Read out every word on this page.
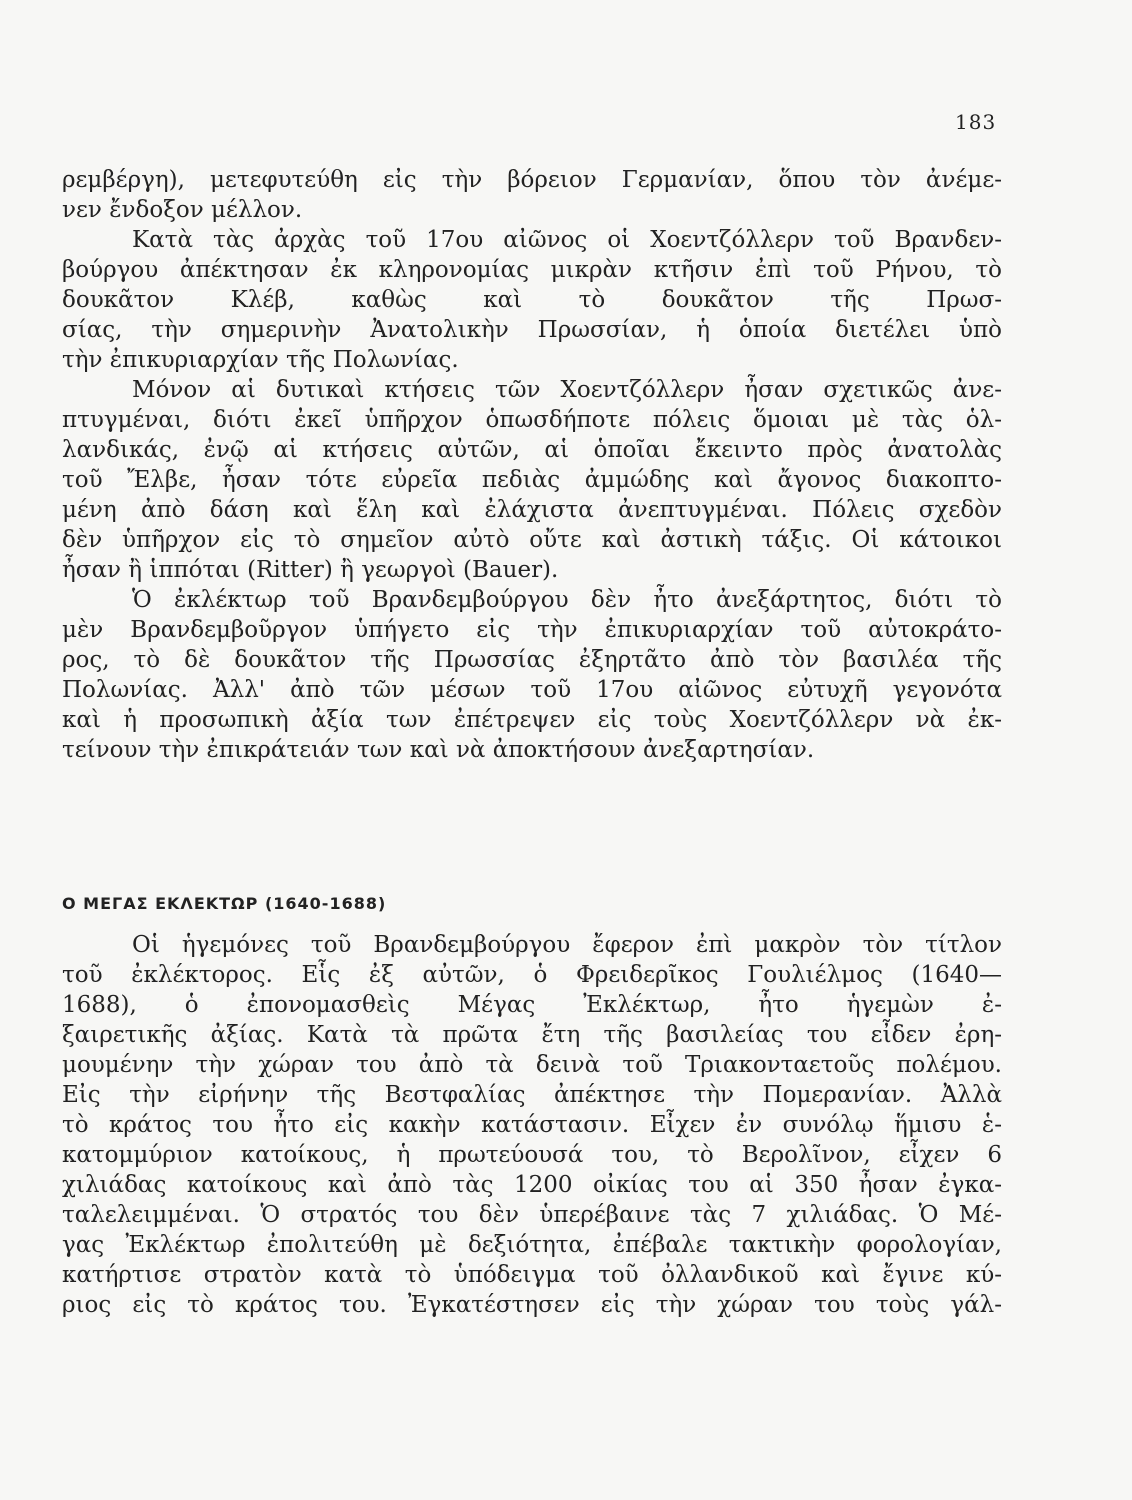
183
ρεμβέργη), μετεφυτεύθη εἰς τὴν βόρειον Γερμανίαν, ὅπου τὸν ἀνέμε-
νεν ἔνδοξον μέλλον.
Κατὰ τὰς ἀρχὰς τοῦ 17ου αἰῶνος οἱ Χοεντζόλλερν τοῦ Βρανδεν-
βούργου ἀπέκτησαν ἐκ κληρονομίας μικρὰν κτῆσιν ἐπὶ τοῦ Ρήνου, τὸ
δουκᾶτον Κλέβ, καθὼς καὶ τὸ δουκᾶτον τῆς Πρωσ-
σίας, τὴν σημερινὴν Ἀνατολικὴν Πρωσσίαν, ἡ ὁποία διετέλει ὑπὸ
τὴν ἐπικυριαρχίαν τῆς Πολωνίας.
Μόνον αἱ δυτικαὶ κτήσεις τῶν Χοεντζόλλερν ἦσαν σχετικῶς ἀνε-
πτυγμέναι, διότι ἐκεῖ ὑπῆρχον ὁπωσδήποτε πόλεις ὅμοιαι μὲ τὰς ὁλ-
λανδικάς, ἐνῷ αἱ κτήσεις αὐτῶν, αἱ ὁποῖαι ἔκειντο πρὸς ἀνατολὰς
τοῦ Ἔλβε, ἦσαν τότε εὐρεῖα πεδιὰς ἀμμώδης καὶ ἄγονος διακοπτο-
μένη ἀπὸ δάση καὶ ἕλη καὶ ἐλάχιστα ἀνεπτυγμέναι. Πόλεις σχεδὸν
δὲν ὑπῆρχον εἰς τὸ σημεῖον αὐτὸ οὔτε καὶ ἀστικὴ τάξις. Οἱ κάτοικοι
ἦσαν ἢ ἱππόται (Ritter) ἢ γεωργοὶ (Bauer).
Ὁ ἐκλέκτωρ τοῦ Βρανδεμβούργου δὲν ἦτο ἀνεξάρτητος, διότι τὸ
μὲν Βρανδεμβοῦργον ὑπήγετο εἰς τὴν ἐπικυριαρχίαν τοῦ αὐτοκράτο-
ρος, τὸ δὲ δουκᾶτον τῆς Πρωσσίας ἐξηρτᾶτο ἀπὸ τὸν βασιλέα τῆς
Πολωνίας. Ἀλλ' ἀπὸ τῶν μέσων τοῦ 17ου αἰῶνος εὐτυχῆ γεγονότα
καὶ ἡ προσωπικὴ ἀξία των ἐπέτρεψεν εἰς τοὺς Χοεντζόλλερν νὰ ἐκ-
τείνουν τὴν ἐπικράτειάν των καὶ νὰ ἀποκτήσουν ἀνεξαρτησίαν.
Ο ΜΕΓΑΣ ΕΚΛΕΚΤΩΡ (1640-1688)
Οἱ ἡγεμόνες τοῦ Βρανδεμβούργου ἔφερον ἐπὶ μακρὸν τὸν τίτλον
τοῦ ἐκλέκτορος. Εἷς ἐξ αὐτῶν, ὁ Φρειδερῖκος Γουλιέλμος (1640—
1688), ὁ ἐπονομασθεὶς Μέγας Ἐκλέκτωρ, ἦτο ἡγεμὼν ἐ-
ξαιρετικῆς ἀξίας. Κατὰ τὰ πρῶτα ἔτη τῆς βασιλείας του εἶδεν ἐρη-
μουμένην τὴν χώραν του ἀπὸ τὰ δεινὰ τοῦ Τριακονταετοῦς πολέμου.
Εἰς τὴν εἰρήνην τῆς Βεστφαλίας ἀπέκτησε τὴν Πομερανίαν. Ἀλλὰ
τὸ κράτος του ἦτο εἰς κακὴν κατάστασιν. Εἶχεν ἐν συνόλῳ ἥμισυ ἑ-
κατομμύριον κατοίκους, ἡ πρωτεύουσά του, τὸ Βερολῖνον, εἶχεν 6
χιλιάδας κατοίκους καὶ ἀπὸ τὰς 1200 οἰκίας του αἱ 350 ἦσαν ἐγκα-
ταλελειμμέναι. Ὁ στρατός του δὲν ὑπερέβαινε τὰς 7 χιλιάδας. Ὁ Μέ-
γας Ἐκλέκτωρ ἐπολιτεύθη μὲ δεξιότητα, ἐπέβαλε τακτικὴν φορολογίαν,
κατήρτισε στρατὸν κατὰ τὸ ὑπόδειγμα τοῦ ὀλλανδικοῦ καὶ ἔγινε κύ-
ριος εἰς τὸ κράτος του. Ἐγκατέστησεν εἰς τὴν χώραν του τοὺς γάλ-
